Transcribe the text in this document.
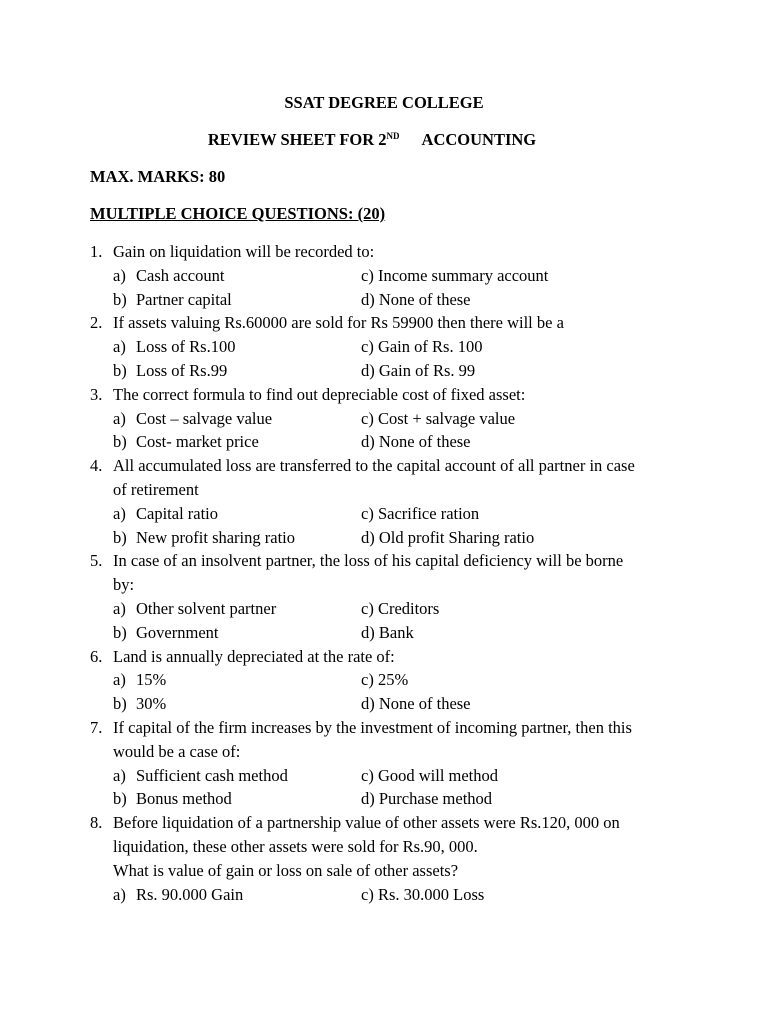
SSAT DEGREE COLLEGE
REVIEW SHEET FOR 2ND ACCOUNTING
MAX. MARKS: 80
MULTIPLE CHOICE QUESTIONS: (20)
1. Gain on liquidation will be recorded to:
a) Cash account	c) Income summary account
b) Partner capital	d) None of these
2. If assets valuing Rs.60000 are sold for Rs 59900 then there will be a
a) Loss of Rs.100	c) Gain of Rs. 100
b) Loss of Rs.99	d) Gain of Rs. 99
3. The correct formula to find out depreciable cost of fixed asset:
a) Cost – salvage value	c) Cost + salvage value
b) Cost- market price	d) None of these
4. All accumulated loss are transferred to the capital account of all partner in case
of retirement
a) Capital ratio	c) Sacrifice ration
b) New profit sharing ratio	d) Old profit Sharing ratio
5. In case of an insolvent partner, the loss of his capital deficiency will be borne
by:
a) Other solvent partner	c) Creditors
b) Government	d) Bank
6. Land is annually depreciated at the rate of:
a) 15%	c) 25%
b) 30%	d) None of these
7. If capital of the firm increases by the investment of incoming partner, then this
would be a case of:
a) Sufficient cash method	c) Good will method
b) Bonus method	d) Purchase method
8. Before liquidation of a partnership value of other assets were Rs.120, 000 on
liquidation, these other assets were sold for Rs.90, 000.
What is value of gain or loss on sale of other assets?
a) Rs. 90.000 Gain	c) Rs. 30.000 Loss
